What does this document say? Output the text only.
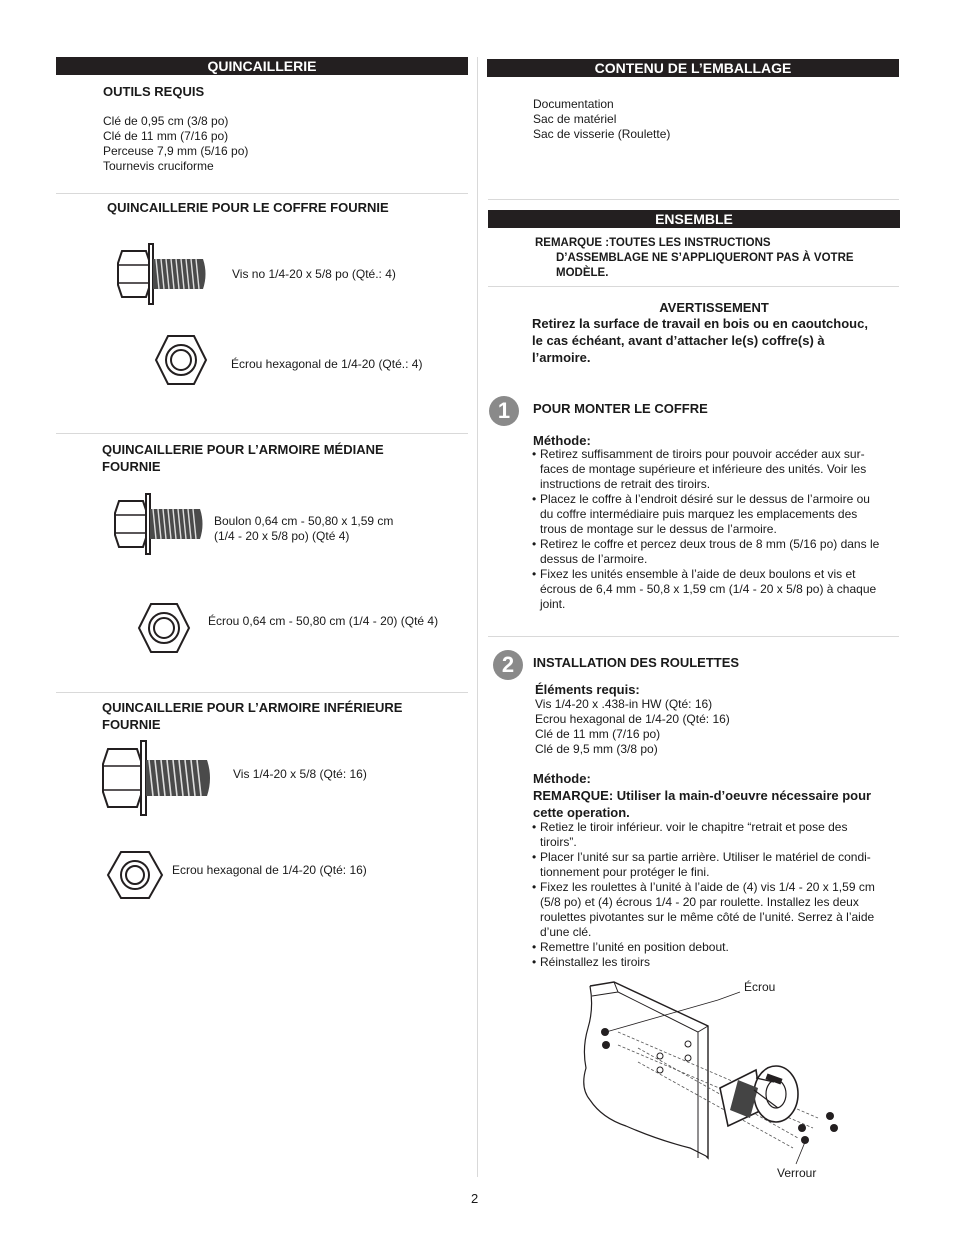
QUINCAILLERIE
OUTILS REQUIS
Clé de 0,95 cm (3/8 po)
Clé de 11 mm (7/16 po)
Perceuse 7,9 mm (5/16 po)
Tournevis cruciforme
QUINCAILLERIE POUR LE COFFRE FOURNIE
Vis no 1/4-20 x 5/8 po (Qté.: 4)
Écrou hexagonal de 1/4-20 (Qté.: 4)
QUINCAILLERIE POUR L’ARMOIRE MÉDIANE
FOURNIE
Boulon 0,64 cm - 50,80 x 1,59 cm
(1/4 - 20 x 5/8 po) (Qté 4)
Écrou 0,64 cm - 50,80 cm (1/4 - 20) (Qté 4)
QUINCAILLERIE POUR L’ARMOIRE INFÉRIEURE
FOURNIE
Vis 1/4-20 x 5/8 (Qté: 16)
Ecrou hexagonal de 1/4-20 (Qté: 16)
CONTENU DE L’EMBALLAGE
Documentation
Sac de matériel
Sac de visserie (Roulette)
ENSEMBLE
REMARQUE :TOUTES LES INSTRUCTIONS
D’ASSEMBLAGE NE S’APPLIQUERONT PAS À VOTRE
MODÈLE.
AVERTISSEMENT
Retirez la surface de travail en bois ou en caoutchouc,
le cas échéant, avant d’attacher le(s) coffre(s) à
l’armoire.
1	POUR MONTER LE COFFRE
Méthode:
• Retirez suffisamment de tiroirs pour pouvoir accéder aux sur-
faces de montage supérieure et inférieure des unités. Voir les
instructions de retrait des tiroirs.
• Placez le coffre à l’endroit désiré sur le dessus de l’armoire ou
du coffre intermédiaire puis marquez les emplacements des
trous de montage sur le dessus de l’armoire.
• Retirez le coffre et percez deux trous de 8 mm (5/16 po) dans le
dessus de l’armoire.
• Fixez les unités ensemble à l’aide de deux boulons et vis et
écrous de 6,4 mm - 50,8 x 1,59 cm (1/4 - 20 x 5/8 po) à chaque
joint.
2	INSTALLATION DES ROULETTES
Éléments requis:
Vis 1/4-20 x .438-in HW (Qté: 16)
Ecrou hexagonal de 1/4-20 (Qté: 16)
Clé de 11 mm (7/16 po)
Clé de 9,5 mm (3/8 po)
Méthode:
REMARQUE: Utiliser la main-d’oeuvre nécessaire pour
cette operation.
• Retiez le tiroir inférieur. voir le chapitre “retrait et pose des
tiroirs”.
• Placer l’unité sur sa partie arrière. Utiliser le matériel de condi-
tionnement pour protéger le fini.
• Fixez les roulettes à l’unité à l’aide de (4) vis 1/4 - 20 x 1,59 cm
(5/8 po) et (4) écrous 1/4 - 20 par roulette. Installez les deux
roulettes pivotantes sur le même côté de l’unité. Serrez à l’aide
d’une clé.
• Remettre l’unité en position debout.
• Réinstallez les tiroirs
Écrou
Verrour
2
